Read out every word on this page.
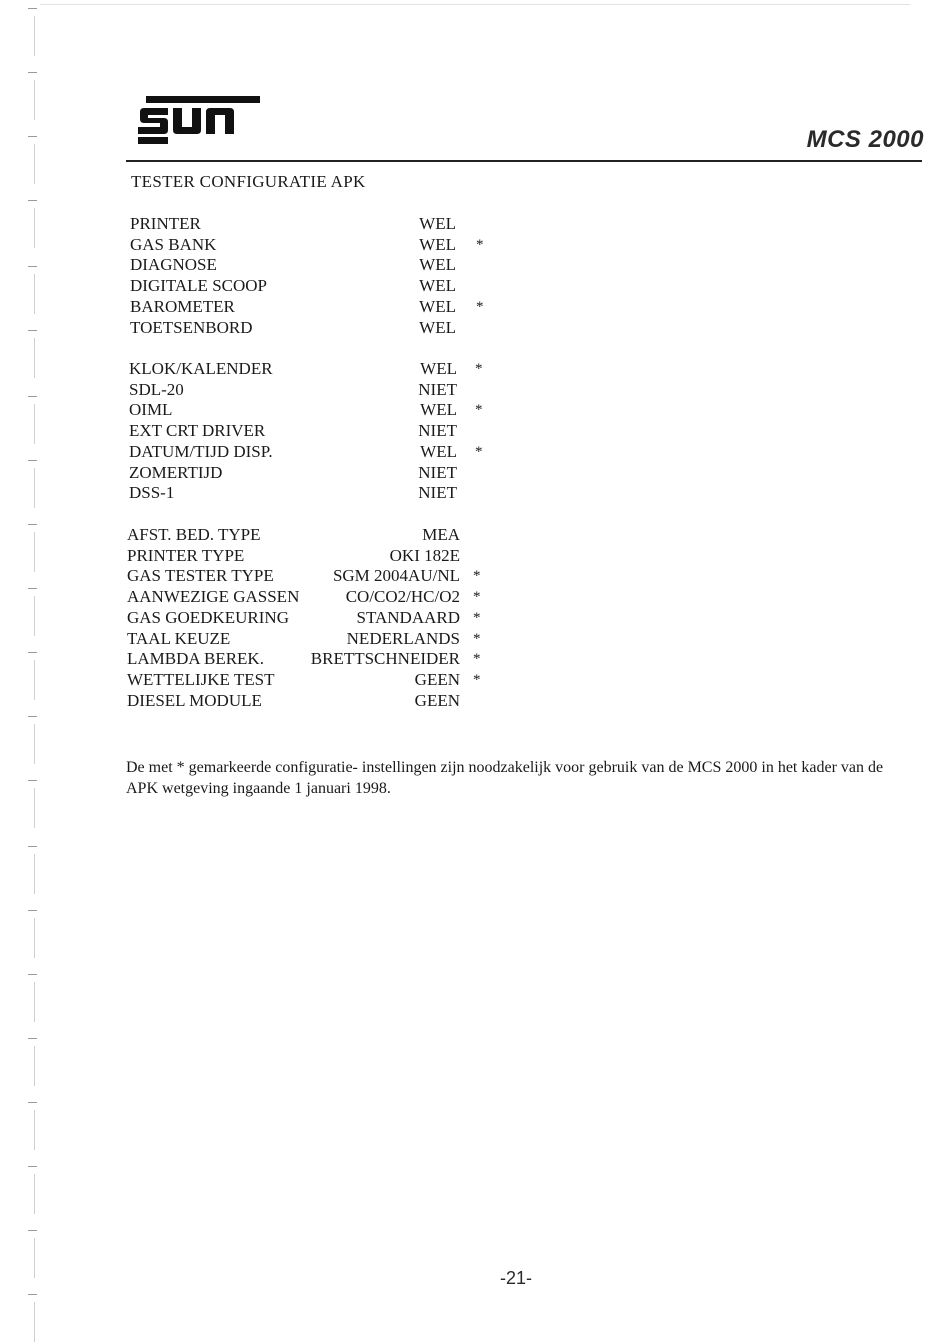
MCS 2000
TESTER CONFIGURATIE APK
PRINTER	WEL
GAS BANK	WEL *
DIAGNOSE	WEL
DIGITALE SCOOP	WEL
BAROMETER	WEL *
TOETSENBORD	WEL
KLOK/KALENDER	WEL *
SDL-20	NIET
OIML	WEL *
EXT CRT DRIVER	NIET
DATUM/TIJD DISP.	WEL *
ZOMERTIJD	NIET
DSS-1	NIET
AFST. BED. TYPE	MEA
PRINTER TYPE	OKI 182E
GAS TESTER TYPE	SGM 2004AU/NL *
AANWEZIGE GASSEN	CO/CO2/HC/O2 *
GAS GOEDKEURING	STANDAARD *
TAAL KEUZE	NEDERLANDS *
LAMBDA BEREK.	BRETTSCHNEIDER *
WETTELIJKE TEST	GEEN *
DIESEL MODULE	GEEN
De met * gemarkeerde configuratie- instellingen zijn noodzakelijk voor gebruik van de MCS 2000 in het kader van de APK wetgeving ingaande 1 januari 1998.
-21-
